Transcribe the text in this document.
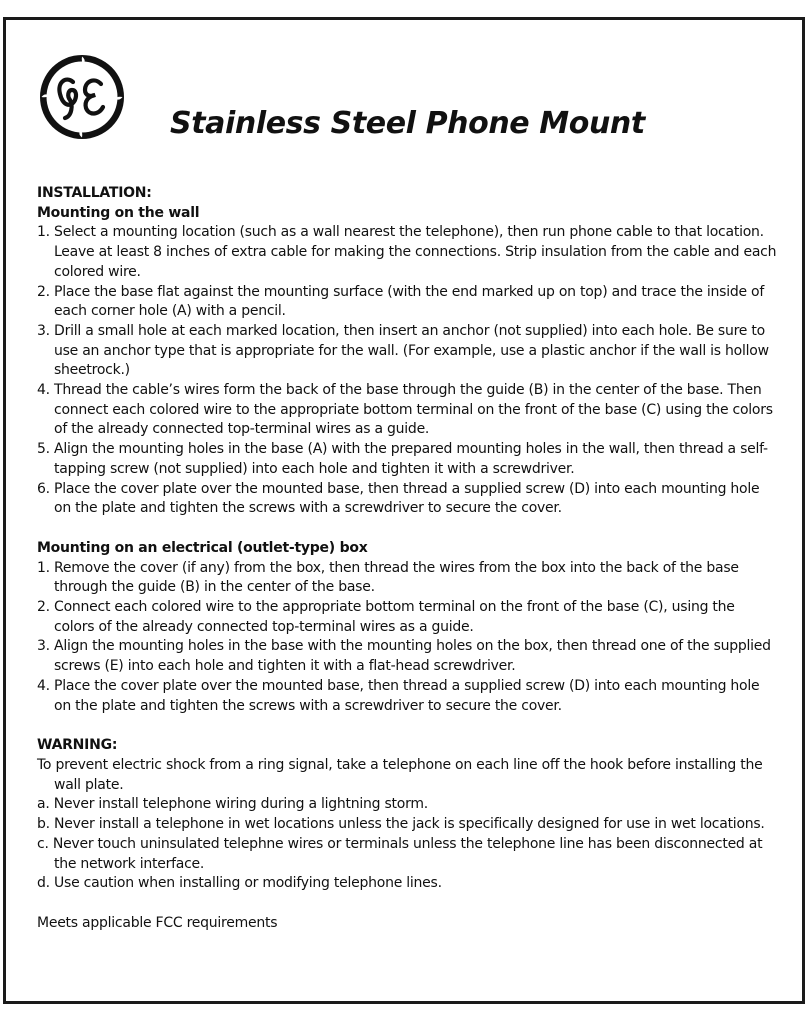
Stainless Steel Phone Mount

INSTALLATION:

Mounting on the wall

1. Select a mounting location (such as a wall nearest the telephone), then run phone cable to that location. Leave at least 8 inches of extra cable for making the connections. Strip insulation from the cable and each colored wire.
2. Place the base flat against the mounting surface (with the end marked up on top) and trace the inside of each corner hole (A) with a pencil.
3. Drill a small hole at each marked location, then insert an anchor (not supplied) into each hole. Be sure to use an anchor type that is appropriate for the wall. (For example, use a plastic anchor if the wall is hollow sheetrock.)
4. Thread the cable’s wires form the back of the base through the guide (B) in the center of the base. Then connect each colored wire to the appropriate bottom terminal on the front of the base (C) using the colors of the already connected top-terminal wires as a guide.
5. Align the mounting holes in the base (A) with the prepared mounting holes in the wall, then thread a self-tapping screw (not supplied) into each hole and tighten it with a screwdriver.
6. Place the cover plate over the mounted base, then thread a supplied screw (D) into each mounting hole on the plate and tighten the screws with a screwdriver to secure the cover.

Mounting on an electrical (outlet-type) box

1. Remove the cover (if any) from the box, then thread the wires from the box into the back of the base through the guide (B) in the center of the base.
2. Connect each colored wire to the appropriate bottom terminal on the front of the base (C), using the colors of the already connected top-terminal wires as a guide.
3. Align the mounting holes in the base with the mounting holes on the box, then thread one of the supplied screws (E) into each hole and tighten it with a flat-head screwdriver.
4. Place the cover plate over the mounted base, then thread a supplied screw (D) into each mounting hole on the plate and tighten the screws with a screwdriver to secure the cover.

WARNING:

To prevent electric shock from a ring signal, take a telephone on each line off the hook before installing the wall plate.

a. Never install telephone wiring during a lightning storm.
b. Never install a telephone in wet locations unless the jack is specifically designed for use in wet locations.
c. Never touch uninsulated telephne wires or terminals unless the telephone line has been disconnected at the network interface.
d. Use caution when installing or modifying telephone lines.

Meets applicable FCC requirements
